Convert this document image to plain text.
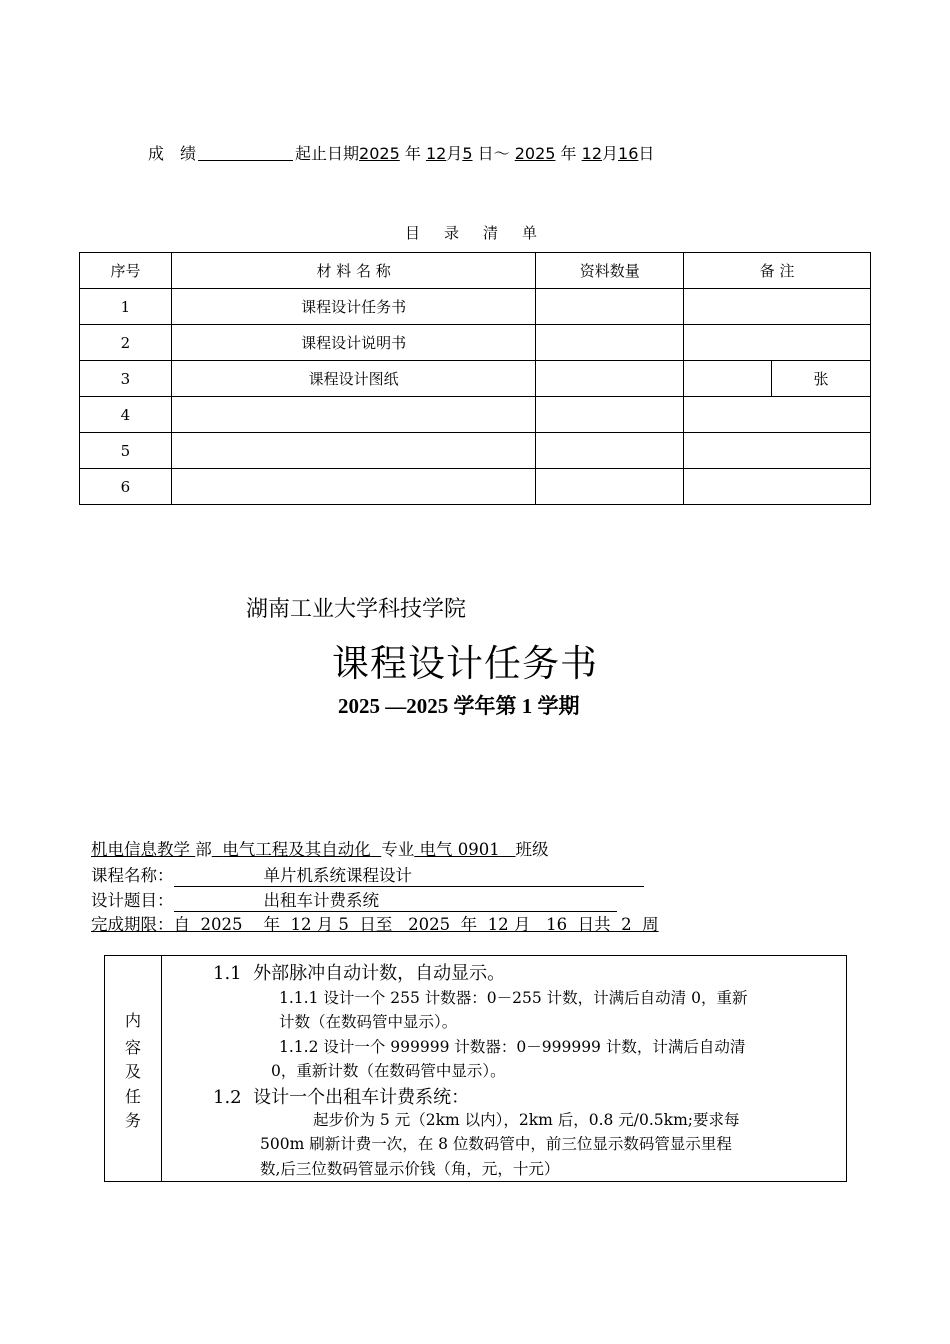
成　绩	起止日期2025 年 12月5 日～ 2025 年 12月16日
目 录 清 单
序号	材 料 名 称	资料数量	备 注	
1	课程设计任务书			
2	课程设计说明书			
3	课程设计图纸			张
4				
5				
6				
湖南工业大学科技学院
课程设计任务书
2025 —2025 学年第 1 学期
机电信息教学 部 电气工程及其自动化 专业 电气 0901 班级
课程名称：	单片机系统课程设计
设计题目：	出租车计费系统
完成期限：自  2025    年  12 月 5  日至   2025  年  12 月   16  日共  2  周
内
容
及
任
务
1.1  外部脉冲自动计数，自动显示。
1.1.1 设计一个 255 计数器：0－255 计数，计满后自动清 0，重新
计数（在数码管中显示）。
1.1.2 设计一个 999999 计数器：0－999999 计数，计满后自动清
0，重新计数（在数码管中显示）。
1.2  设计一个出租车计费系统：
起步价为 5 元（2km 以内），2km 后，0.8 元/0.5km;要求每
500m 刷新计费一次，在 8 位数码管中，前三位显示数码管显示里程
数,后三位数码管显示价钱（角，元，十元）
